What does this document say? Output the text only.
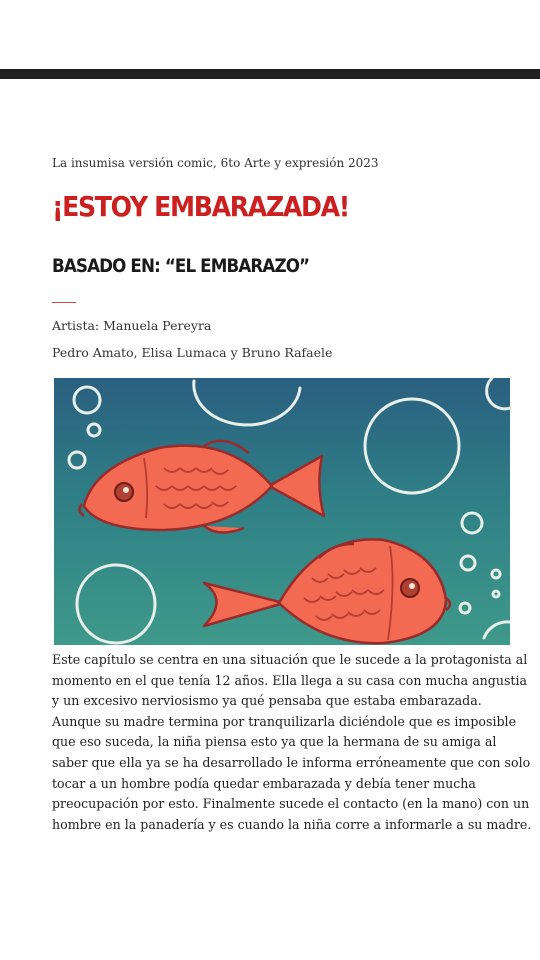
La insumisa versión comic, 6to Arte y expresión 2023
¡ESTOY EMBARAZADA!
BASADO EN: “EL EMBARAZO”
Artista: Manuela Pereyra
Pedro Amato, Elisa Lumaca y Bruno Rafaele

Este capítulo se centra en una situación que le sucede a la protagonista al momento en el que tenía 12 años. Ella llega a su casa con mucha angustia y un excesivo nerviosismo ya qué pensaba que estaba embarazada. Aunque su madre termina por tranquilizarla diciéndole que es imposible que eso suceda, la niña piensa esto ya que la hermana de su amiga al saber que ella ya se ha desarrollado le informa erróneamente que con solo tocar a un hombre podía quedar embarazada y debía tener mucha preocupación por esto. Finalmente sucede el contacto (en la mano) con un hombre en la panadería y es cuando la niña corre a informarle a su madre.
